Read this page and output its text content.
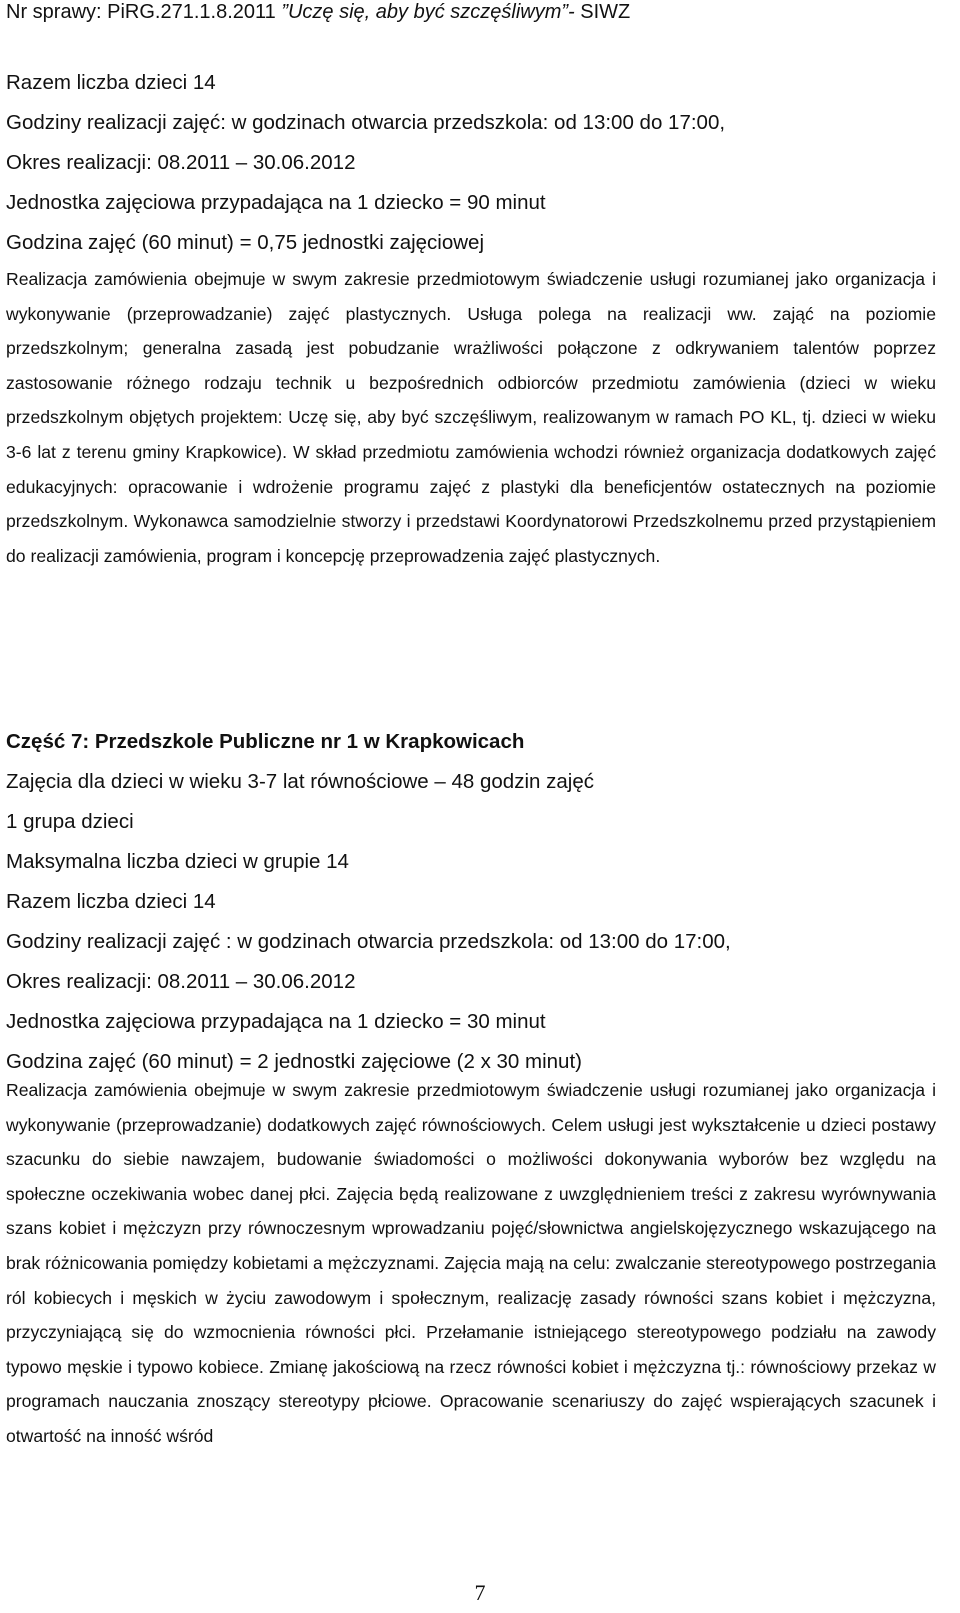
Nr sprawy: PiRG.271.1.8.2011 ”Uczę się, aby być szczęśliwym”- SIWZ
Razem liczba dzieci 14
Godziny realizacji zajęć: w godzinach otwarcia przedszkola: od 13:00 do 17:00,
Okres realizacji: 08.2011 – 30.06.2012
Jednostka zajęciowa przypadająca na 1 dziecko = 90 minut
Godzina zajęć (60 minut) = 0,75 jednostki zajęciowej

Realizacja zamówienia obejmuje w swym zakresie przedmiotowym świadczenie usługi rozumianej jako organizacja i wykonywanie (przeprowadzanie) zajęć plastycznych. Usługa polega na realizacji ww. zająć na poziomie przedszkolnym; generalna zasadą jest pobudzanie wrażliwości połączone z odkrywaniem talentów poprzez zastosowanie różnego rodzaju technik u bezpośrednich odbiorców przedmiotu zamówienia (dzieci w wieku przedszkolnym objętych projektem: Uczę się, aby być szczęśliwym, realizowanym w ramach PO KL, tj. dzieci w wieku 3-6 lat z terenu gminy Krapkowice). W skład przedmiotu zamówienia wchodzi również organizacja dodatkowych zajęć edukacyjnych: opracowanie i wdrożenie programu zajęć z plastyki dla beneficjentów ostatecznych na poziomie przedszkolnym. Wykonawca samodzielnie stworzy i przedstawi Koordynatorowi Przedszkolnemu przed przystąpieniem do realizacji zamówienia, program i koncepcję przeprowadzenia zajęć plastycznych.

Część 7: Przedszkole Publiczne nr 1 w Krapkowicach
Zajęcia dla dzieci w wieku 3-7 lat równościowe – 48 godzin zajęć
1 grupa dzieci
Maksymalna liczba dzieci w grupie 14
Razem liczba dzieci 14
Godziny realizacji zajęć : w godzinach otwarcia przedszkola: od 13:00 do 17:00,
Okres realizacji: 08.2011 – 30.06.2012
Jednostka zajęciowa przypadająca na 1 dziecko = 30 minut
Godzina zajęć (60 minut) = 2 jednostki zajęciowe (2 x 30 minut)

Realizacja zamówienia obejmuje w swym zakresie przedmiotowym świadczenie usługi rozumianej jako organizacja i wykonywanie (przeprowadzanie) dodatkowych zajęć równościowych. Celem usługi jest wykształcenie u dzieci postawy szacunku do siebie nawzajem, budowanie świadomości o możliwości dokonywania wyborów bez względu na społeczne oczekiwania wobec danej płci. Zajęcia będą realizowane z uwzględnieniem treści z zakresu wyrównywania szans kobiet i mężczyzn przy równoczesnym wprowadzaniu pojęć/słownictwa angielskojęzycznego wskazującego na brak różnicowania pomiędzy kobietami a mężczyznami. Zajęcia mają na celu: zwalczanie stereotypowego postrzegania ról kobiecych i męskich w życiu zawodowym i społecznym, realizację zasady równości szans kobiet i mężczyzna, przyczyniającą się do wzmocnienia równości płci. Przełamanie istniejącego stereotypowego podziału na zawody typowo męskie i typowo kobiece. Zmianę jakościową na rzecz równości kobiet i mężczyzna tj.: równościowy przekaz w programach nauczania znoszący stereotypy płciowe. Opracowanie scenariuszy do zajęć wspierających szacunek i otwartość na inność wśród

7
